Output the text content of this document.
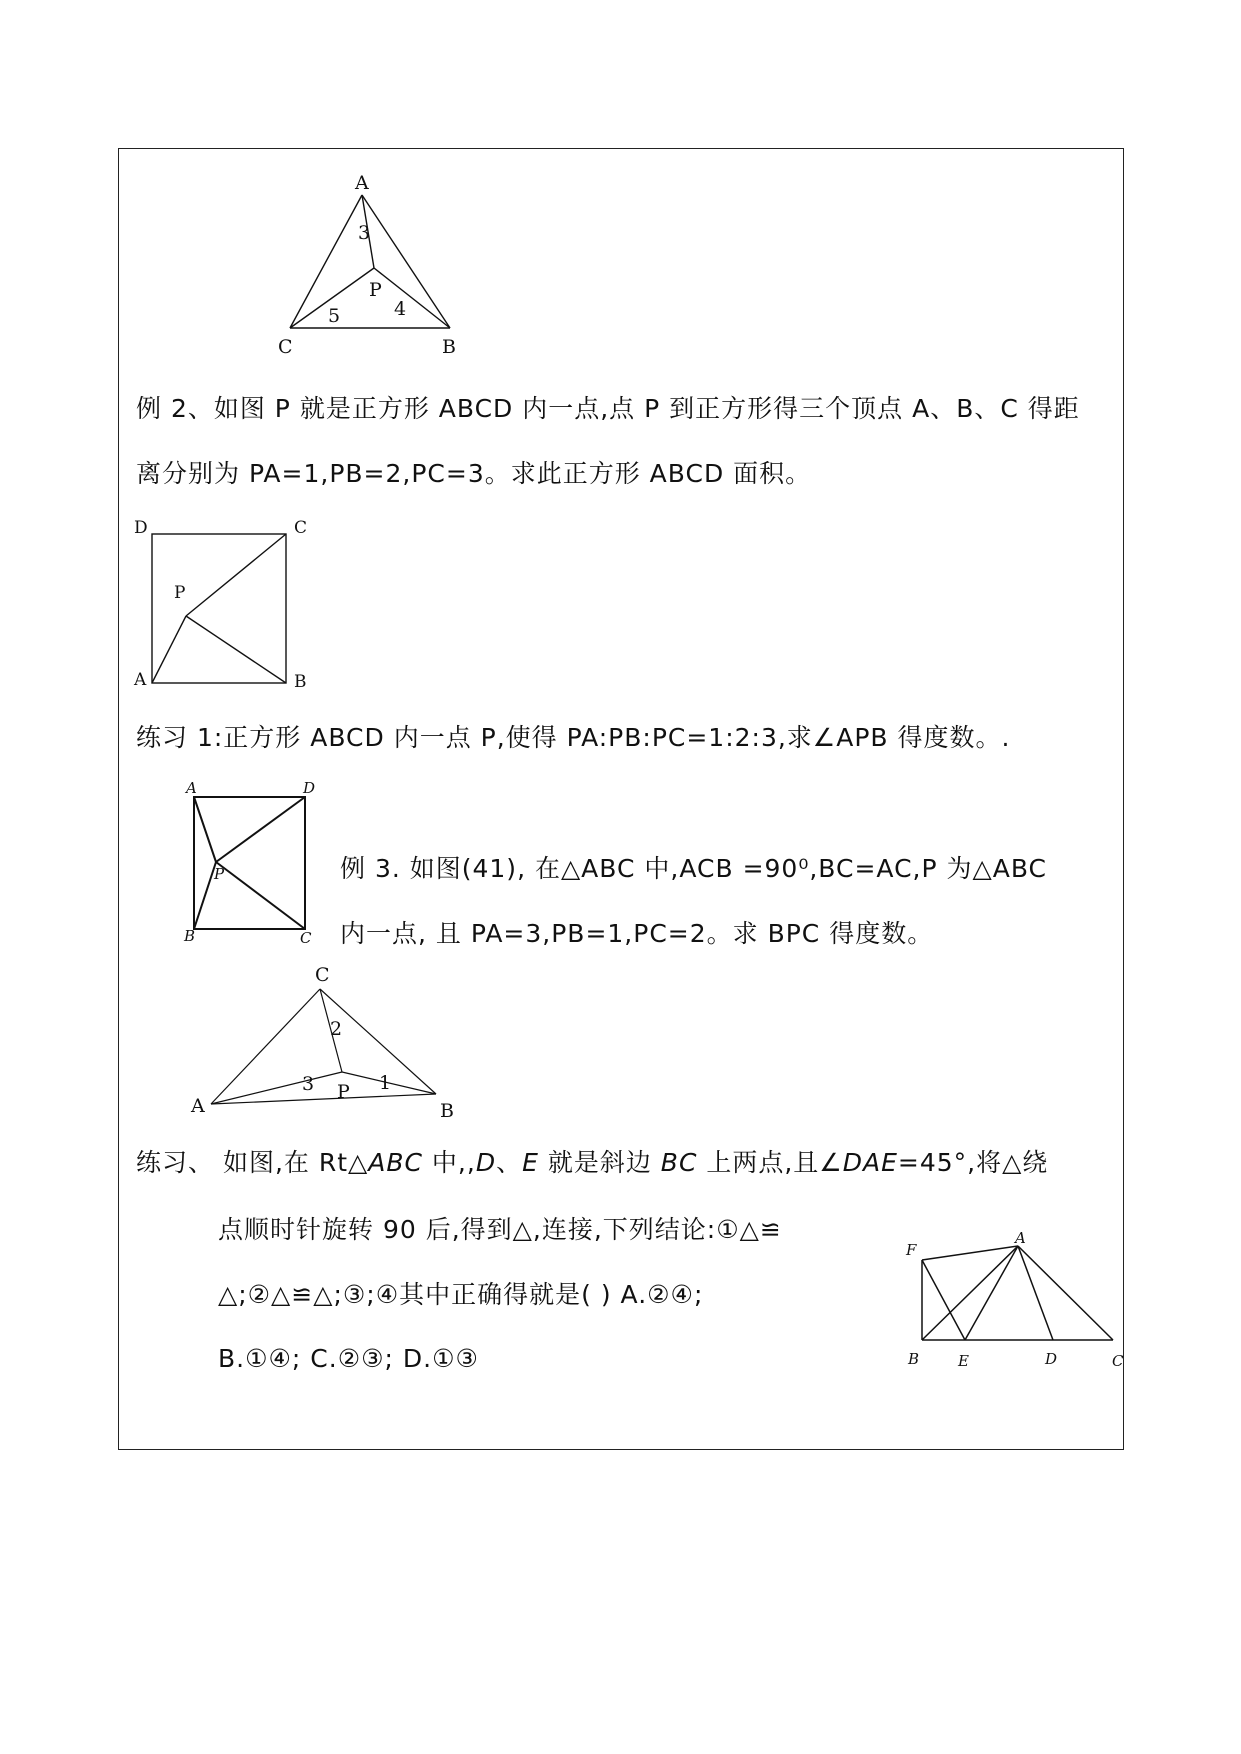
A
C	B
P
3
5	4
例 2、如图 P 就是正方形 ABCD 内一点,点 P 到正方形得三个顶点 A、B、C 得距
离分别为 PA=1,PB=2,PC=3。求此正方形 ABCD 面积。
D	C
A	B
P
练习 1:正方形 ABCD 内一点 P,使得 PA:PB:PC=1:2:3,求∠APB 得度数。.
A	D
B	C
P	例 3. 如图(41), 在△ABC 中,ACB =90⁰,BC=AC,P 为△ABC
内一点, 且 PA=3,PB=1,PC=2。求 BPC 得度数。
C
A	B
P
2
3	1
练习、 如图,在 Rt△ABC 中,,D、E 就是斜边 BC 上两点,且∠DAE=45°,将△绕
点顺时针旋转 90 后,得到△,连接,下列结论:①△≌
△;②△≌△;③;④其中正确得就是( ) A.②④;
B.①④; C.②③; D.①③
F
A
B	E	D	C
